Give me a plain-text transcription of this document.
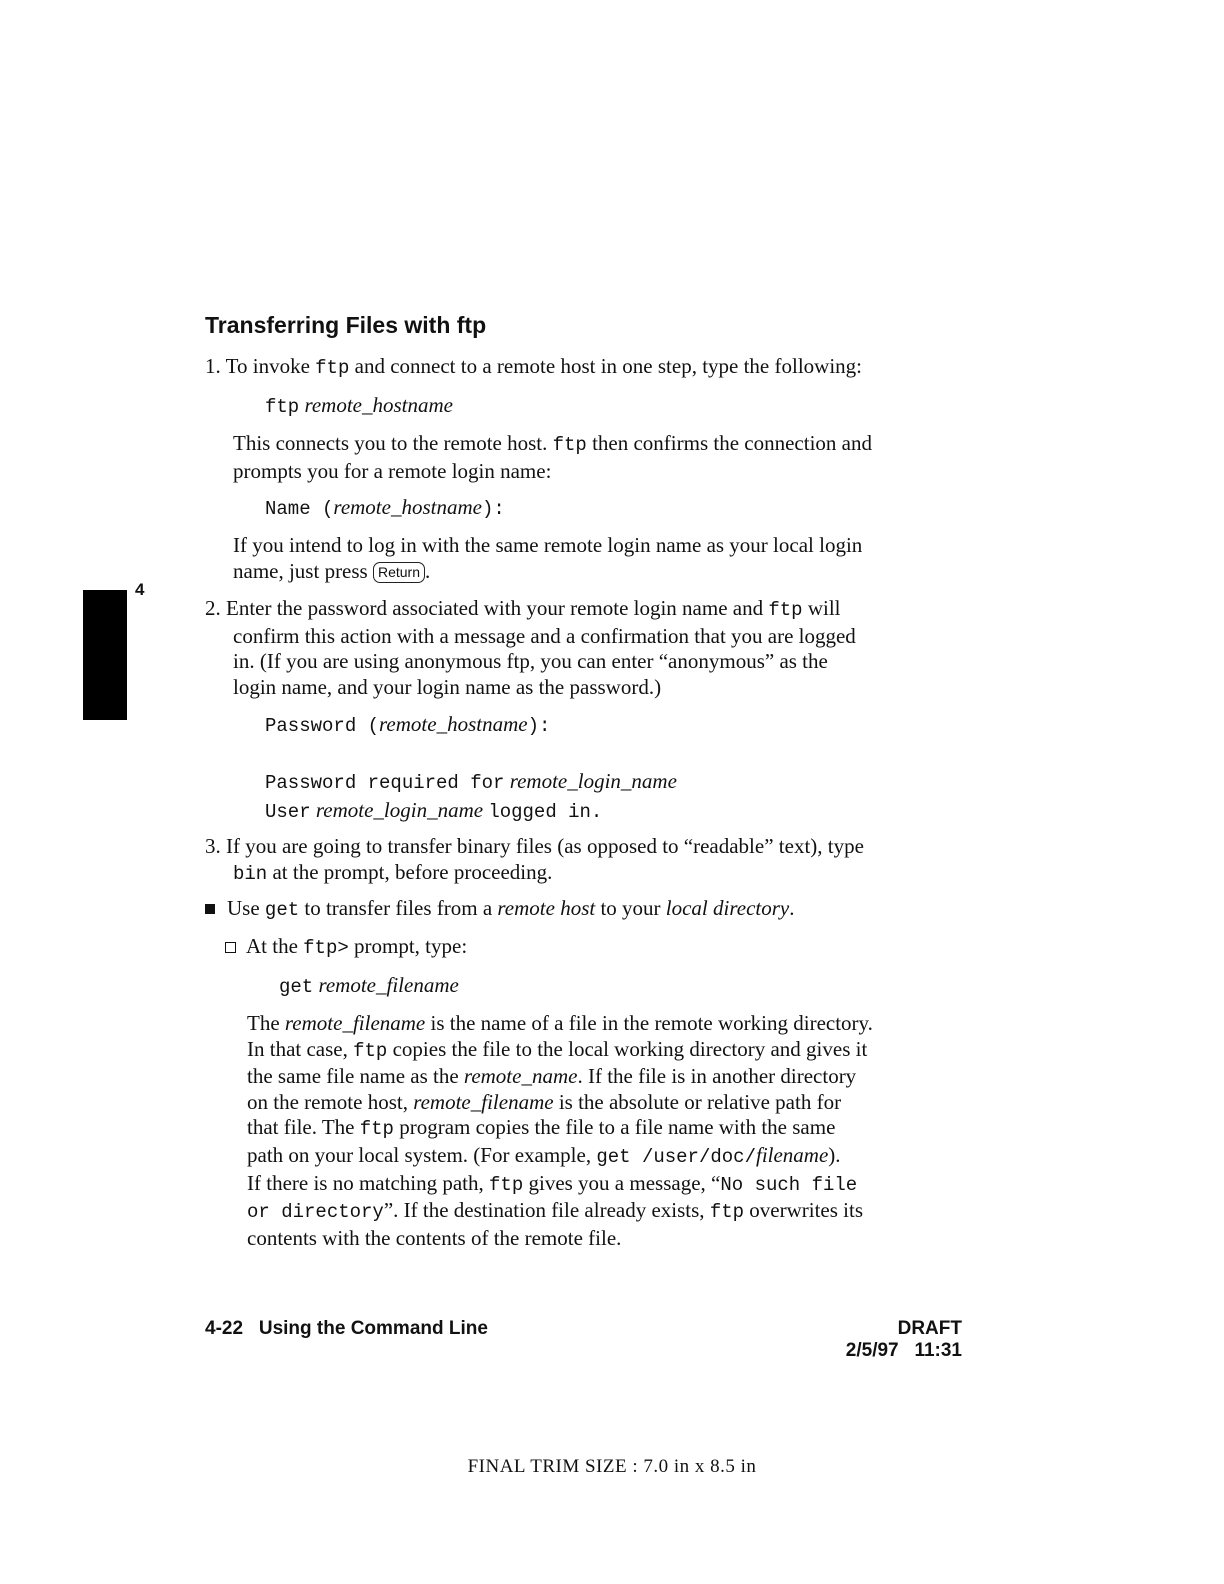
Transferring Files with ftp
4
1. To invoke ftp and connect to a remote host in one step, type the following:
ftp remote_hostname
This connects you to the remote host. ftp then confirms the connection and
prompts you for a remote login name:
Name (remote_hostname):
If you intend to log in with the same remote login name as your local login
name, just press Return .
2. Enter the password associated with your remote login name and ftp will
confirm this action with a message and a confirmation that you are logged
in. (If you are using anonymous ftp, you can enter “anonymous” as the
login name, and your login name as the password.)
Password (remote_hostname):
Password required for remote_login_name
User remote_login_name logged in.
3. If you are going to transfer binary files (as opposed to “readable” text), type
bin at the prompt, before proceeding.
Use get to transfer files from a remote host to your local directory.
At the ftp> prompt, type:
get remote_filename
The remote_filename is the name of a file in the remote working directory.
In that case, ftp copies the file to the local working directory and gives it
the same file name as the remote_name. If the file is in another directory
on the remote host, remote_filename is the absolute or relative path for
that file. The ftp program copies the file to a file name with the same
path on your local system. (For example, get /user/doc/filename).
If there is no matching path, ftp gives you a message, “No such file
or directory”. If the destination file already exists, ftp overwrites its
contents with the contents of the remote file.
4-22   Using the Command Line	DRAFT
2/5/97   11:31
FINAL TRIM SIZE : 7.0 in x 8.5 in
